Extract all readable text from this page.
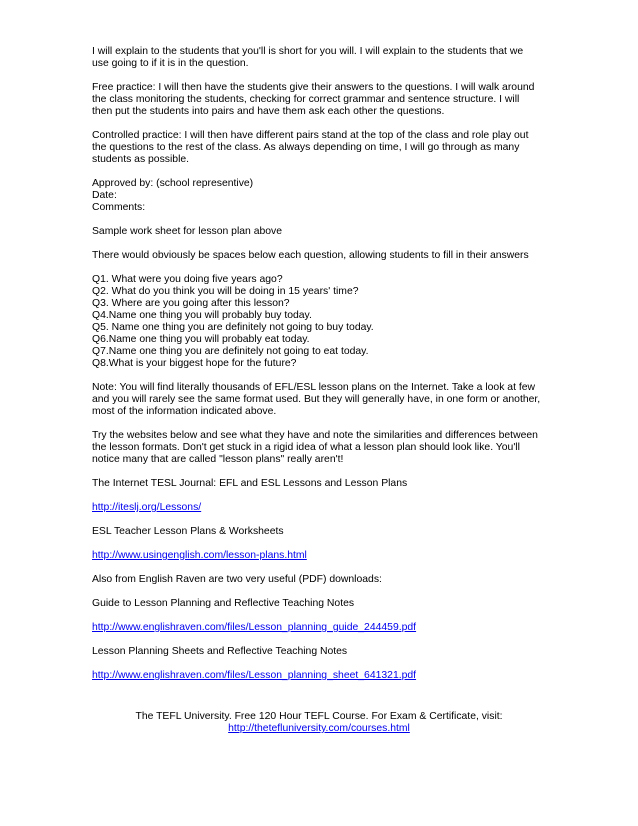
I will explain to the students that you'll is short for you will. I will explain to the students that we
use going to if it is in the question.

Free practice: I will then have the students give their answers to the questions. I will walk around
the class monitoring the students, checking for correct grammar and sentence structure. I will
then put the students into pairs and have them ask each other the questions.

Controlled practice: I will then have different pairs stand at the top of the class and role play out
the questions to the rest of the class. As always depending on time, I will go through as many
students as possible.

Approved by: (school representive)
Date:
Comments:

Sample work sheet for lesson plan above

There would obviously be spaces below each question, allowing students to fill in their answers

Q1. What were you doing five years ago?
Q2. What do you think you will be doing in 15 years' time?
Q3. Where are you going after this lesson?
Q4.Name one thing you will probably buy today.
Q5. Name one thing you are definitely not going to buy today.
Q6.Name one thing you will probably eat today.
Q7.Name one thing you are definitely not going to eat today.
Q8.What is your biggest hope for the future?

Note: You will find literally thousands of EFL/ESL lesson plans on the Internet. Take a look at few
and you will rarely see the same format used. But they will generally have, in one form or another,
most of the information indicated above.

Try the websites below and see what they have and note the similarities and differences between
the lesson formats. Don't get stuck in a rigid idea of what a lesson plan should look like. You'll
notice many that are called "lesson plans" really aren't!

The Internet TESL Journal: EFL and ESL Lessons and Lesson Plans

http://iteslj.org/Lessons/

ESL Teacher Lesson Plans & Worksheets

http://www.usingenglish.com/lesson-plans.html

Also from English Raven are two very useful (PDF) downloads:

Guide to Lesson Planning and Reflective Teaching Notes

http://www.englishraven.com/files/Lesson_planning_guide_244459.pdf

Lesson Planning Sheets and Reflective Teaching Notes

http://www.englishraven.com/files/Lesson_planning_sheet_641321.pdf

The TEFL University. Free 120 Hour TEFL Course. For Exam & Certificate, visit:
http://thetefluniversity.com/courses.html
